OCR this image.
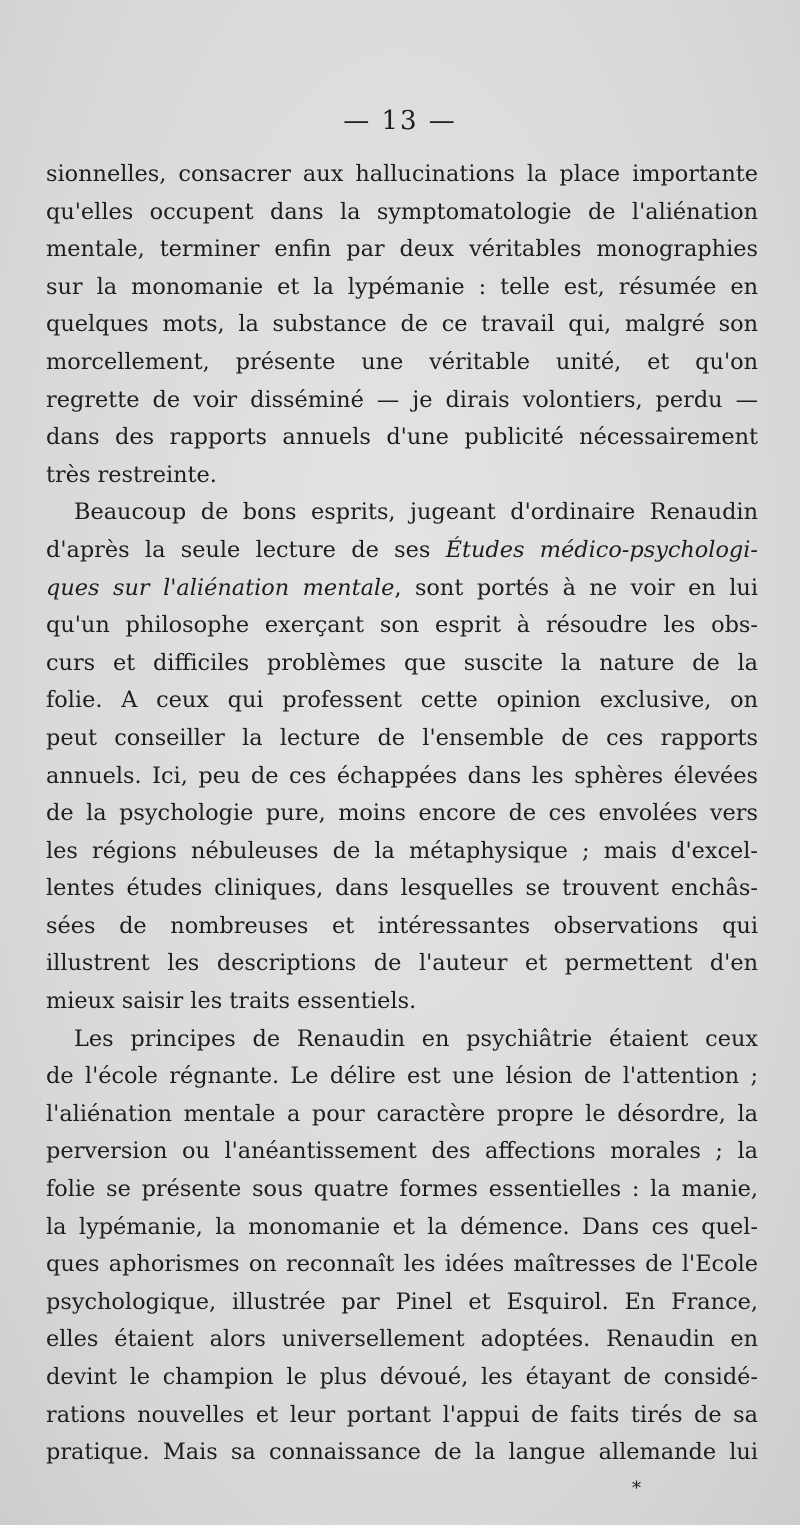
— 13 —
sionnelles, consacrer aux hallucinations la place importante
qu'elles occupent dans la symptomatologie de l'aliénation
mentale, terminer enfin par deux véritables monographies
sur la monomanie et la lypémanie : telle est, résumée en
quelques mots, la substance de ce travail qui, malgré son
morcellement, présente une véritable unité, et qu'on
regrette de voir disséminé — je dirais volontiers, perdu —
dans des rapports annuels d'une publicité nécessairement
très restreinte.
Beaucoup de bons esprits, jugeant d'ordinaire Renaudin
d'après la seule lecture de ses Études médico-psychologi-
ques sur l'aliénation mentale, sont portés à ne voir en lui
qu'un philosophe exerçant son esprit à résoudre les obs-
curs et difficiles problèmes que suscite la nature de la
folie. A ceux qui professent cette opinion exclusive, on
peut conseiller la lecture de l'ensemble de ces rapports
annuels. Ici, peu de ces échappées dans les sphères élevées
de la psychologie pure, moins encore de ces envolées vers
les régions nébuleuses de la métaphysique ; mais d'excel-
lentes études cliniques, dans lesquelles se trouvent enchâs-
sées de nombreuses et intéressantes observations qui
illustrent les descriptions de l'auteur et permettent d'en
mieux saisir les traits essentiels.
Les principes de Renaudin en psychiâtrie étaient ceux
de l'école régnante. Le délire est une lésion de l'attention ;
l'aliénation mentale a pour caractère propre le désordre, la
perversion ou l'anéantissement des affections morales ; la
folie se présente sous quatre formes essentielles : la manie,
la lypémanie, la monomanie et la démence. Dans ces quel-
ques aphorismes on reconnaît les idées maîtresses de l'Ecole
psychologique, illustrée par Pinel et Esquirol. En France,
elles étaient alors universellement adoptées. Renaudin en
devint le champion le plus dévoué, les étayant de considé-
rations nouvelles et leur portant l'appui de faits tirés de sa
pratique. Mais sa connaissance de la langue allemande lui
*
